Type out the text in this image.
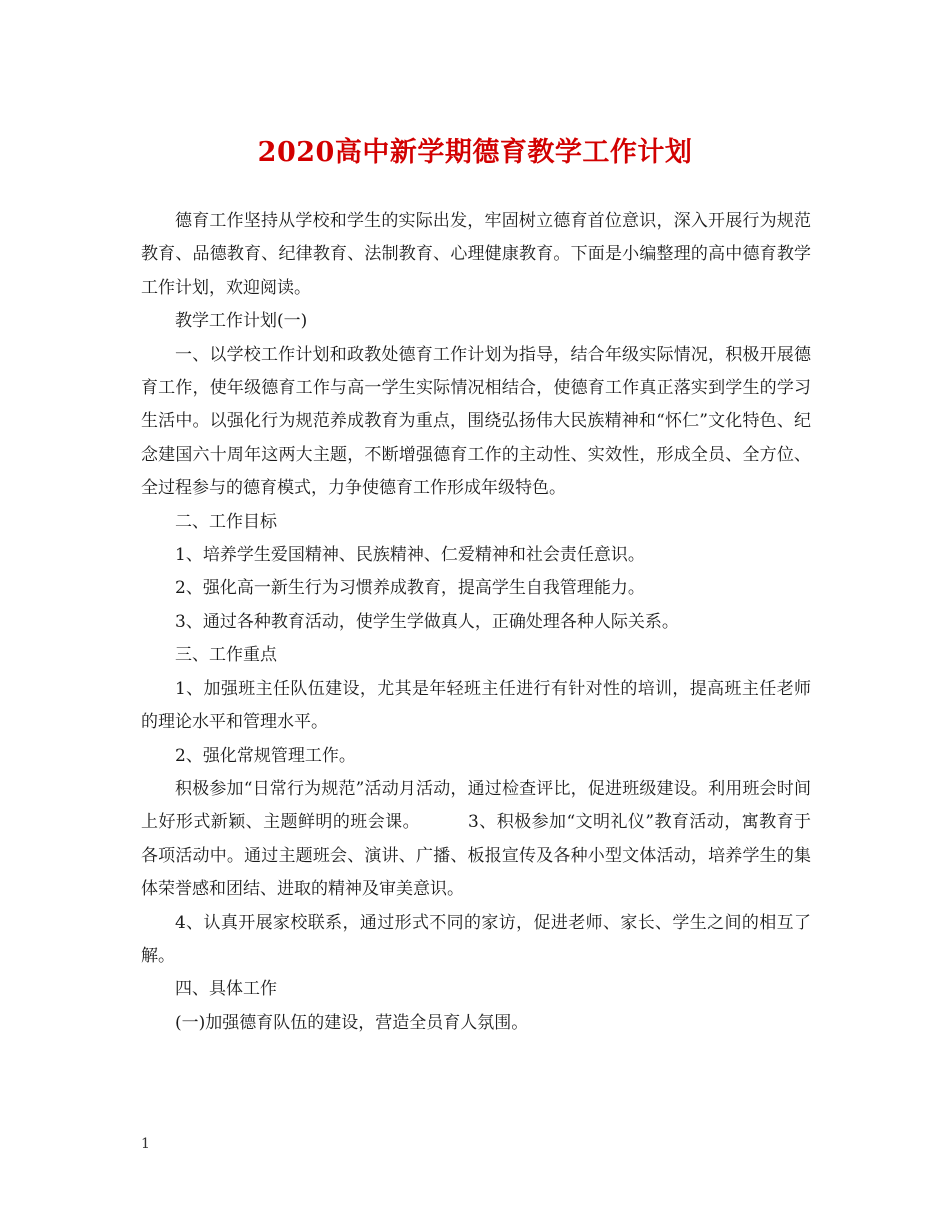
2020高中新学期德育教学工作计划

德育工作坚持从学校和学生的实际出发，牢固树立德育首位意识，深入开展行为规范教育、品德教育、纪律教育、法制教育、心理健康教育。下面是小编整理的高中德育教学工作计划，欢迎阅读。

教学工作计划(一)

一、以学校工作计划和政教处德育工作计划为指导，结合年级实际情况，积极开展德育工作，使年级德育工作与高一学生实际情况相结合，使德育工作真正落实到学生的学习生活中。以强化行为规范养成教育为重点，围绕弘扬伟大民族精神和“怀仁”文化特色、纪念建国六十周年这两大主题，不断增强德育工作的主动性、实效性，形成全员、全方位、全过程参与的德育模式，力争使德育工作形成年级特色。

二、工作目标

1、培养学生爱国精神、民族精神、仁爱精神和社会责任意识。

2、强化高一新生行为习惯养成教育，提高学生自我管理能力。

3、通过各种教育活动，使学生学做真人，正确处理各种人际关系。

三、工作重点

1、加强班主任队伍建设，尤其是年轻班主任进行有针对性的培训，提高班主任老师的理论水平和管理水平。

2、强化常规管理工作。

积极参加“日常行为规范”活动月活动，通过检查评比，促进班级建设。利用班会时间上好形式新颖、主题鲜明的班会课。	3、积极参加“文明礼仪”教育活动，寓教育于各项活动中。通过主题班会、演讲、广播、板报宣传及各种小型文体活动，培养学生的集体荣誉感和团结、进取的精神及审美意识。

4、认真开展家校联系，通过形式不同的家访，促进老师、家长、学生之间的相互了解。

四、具体工作

(一)加强德育队伍的建设，营造全员育人氛围。

1
